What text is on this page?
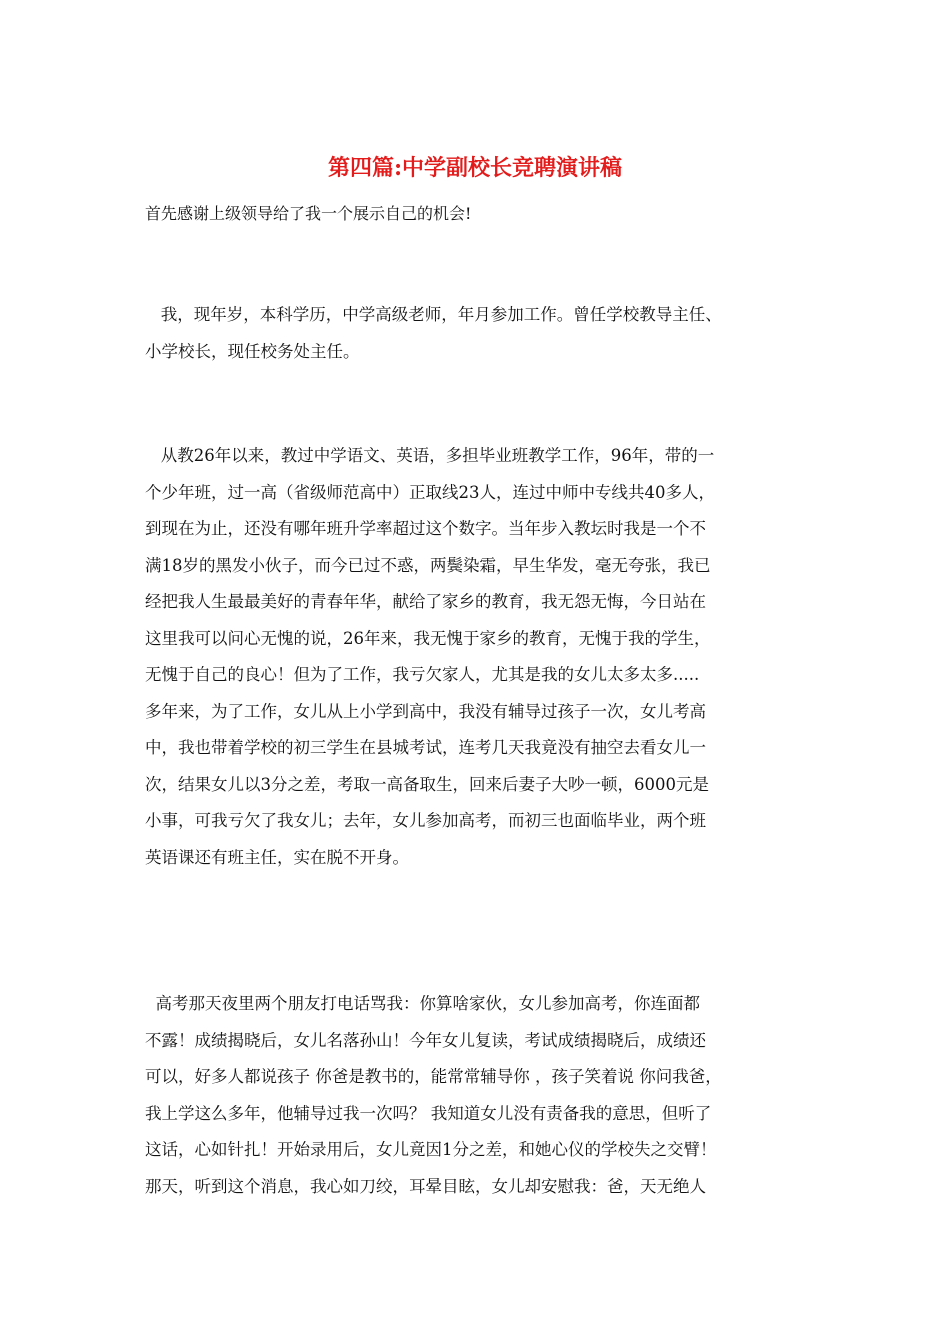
第四篇:中学副校长竞聘演讲稿

首先感谢上级领导给了我一个展示自己的机会!

我，现年岁，本科学历，中学高级老师，年月参加工作。曾任学校教导主任、
小学校长，现任校务处主任。
从教26年以来，教过中学语文、英语，多担毕业班教学工作，96年，带的一
个少年班，过一高（省级师范高中）正取线23人，连过中师中专线共40多人，
到现在为止，还没有哪年班升学率超过这个数字。当年步入教坛时我是一个不
满18岁的黑发小伙子，而今已过不惑，两鬓染霜，早生华发，毫无夸张，我已
经把我人生最最美好的青春年华，献给了家乡的教育，我无怨无悔，今日站在
这里我可以问心无愧的说，26年来，我无愧于家乡的教育，无愧于我的学生，
无愧于自己的良心！但为了工作，我亏欠家人，尤其是我的女儿太多太多.....
多年来，为了工作，女儿从上小学到高中，我没有辅导过孩子一次，女儿考高
中，我也带着学校的初三学生在县城考试，连考几天我竟没有抽空去看女儿一
次，结果女儿以3分之差，考取一高备取生，回来后妻子大吵一顿，6000元是
小事，可我亏欠了我女儿；去年，女儿参加高考，而初三也面临毕业，两个班
英语课还有班主任，实在脱不开身。
高考那天夜里两个朋友打电话骂我：你算啥家伙，女儿参加高考，你连面都
不露！成绩揭晓后，女儿名落孙山！今年女儿复读，考试成绩揭晓后，成绩还
可以，好多人都说孩子 你爸是教书的，能常常辅导你 ，孩子笑着说 你问我爸，
我上学这么多年，他辅导过我一次吗？ 我知道女儿没有责备我的意思，但听了
这话，心如针扎！开始录用后，女儿竟因1分之差，和她心仪的学校失之交臂！
那天，听到这个消息，我心如刀绞，耳晕目眩，女儿却安慰我：爸，天无绝人
